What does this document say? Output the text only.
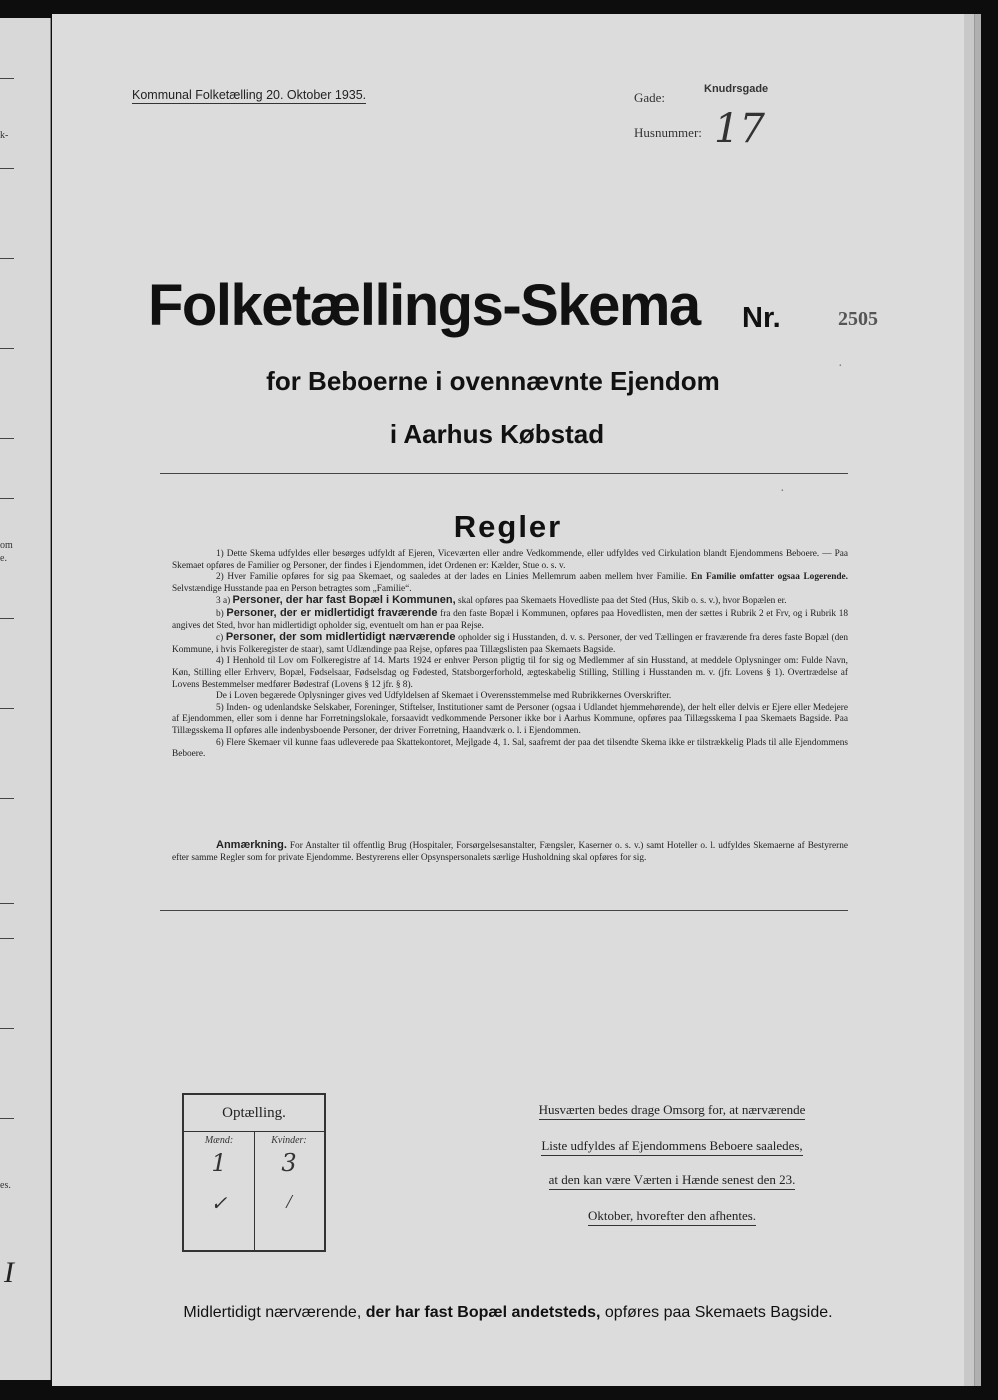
k-
om
e.
es.
I
Kommunal Folketælling 20. Oktober 1935.	Gade:
Knudrsgade
Husnummer: 17
Folketællings-Skema Nr.	2505
for Beboerne i ovennævnte Ejendom
i Aarhus Købstad
Regler

1) Dette Skema udfyldes eller besørges udfyldt af Ejeren, Viceværten eller andre Vedkommende, eller udfyldes ved Cirkulation blandt Ejendommens Beboere. — Paa Skemaet opføres de Familier og Personer, der findes i Ejendommen, idet Ordenen er: Kælder, Stue o. s. v.

2) Hver Familie opføres for sig paa Skemaet, og saaledes at der lades en Linies Mellemrum aaben mellem hver Familie. En Familie omfatter ogsaa Logerende. Selvstændige Husstande paa en Person betragtes som „Familie“.

3 a) Personer, der har fast Bopæl i Kommunen, skal opføres paa Skemaets Hovedliste paa det Sted (Hus, Skib o. s. v.), hvor Bopælen er.

b) Personer, der er midlertidigt fraværende fra den faste Bopæl i Kommunen, opføres paa Hovedlisten, men der sættes i Rubrik 2 et Frv, og i Rubrik 18 angives det Sted, hvor han midlertidigt opholder sig, eventuelt om han er paa Rejse.

c) Personer, der som midlertidigt nærværende opholder sig i Husstanden, d. v. s. Personer, der ved Tællingen er fraværende fra deres faste Bopæl (den Kommune, i hvis Folkeregister de staar), samt Udlændinge paa Rejse, opføres paa Tillægslisten paa Skemaets Bagside.

4) I Henhold til Lov om Folkeregistre af 14. Marts 1924 er enhver Person pligtig til for sig og Medlemmer af sin Husstand, at meddele Oplysninger om: Fulde Navn, Køn, Stilling eller Erhverv, Bopæl, Fødselsaar, Fødselsdag og Fødested, Statsborgerforhold, ægteskabelig Stilling, Stilling i Husstanden m. v. (jfr. Lovens § 1). Overtrædelse af Lovens Bestemmelser medfører Bødestraf (Lovens § 12 jfr. § 8).

De i Loven begærede Oplysninger gives ved Udfyldelsen af Skemaet i Overensstemmelse med Rubrikkernes Overskrifter.

5) Inden- og udenlandske Selskaber, Foreninger, Stiftelser, Institutioner samt de Personer (ogsaa i Udlandet hjemmehørende), der helt eller delvis er Ejere eller Medejere af Ejendommen, eller som i denne har Forretningslokale, forsaavidt vedkommende Personer ikke bor i Aarhus Kommune, opføres paa Tillægsskema I paa Skemaets Bagside. Paa Tillægsskema II opføres alle indenbysboende Personer, der driver Forretning, Haandværk o. l. i Ejendommen.

6) Flere Skemaer vil kunne faas udleverede paa Skattekontoret, Mejlgade 4, 1. Sal, saafremt der paa det tilsendte Skema ikke er tilstrækkelig Plads til alle Ejendommens Beboere.

Anmærkning. For Anstalter til offentlig Brug (Hospitaler, Forsørgelsesanstalter, Fængsler, Kaserner o. s. v.) samt Hoteller o. l. udfyldes Skemaerne af Bestyrerne efter samme Regler som for private Ejendomme. Bestyrerens eller Opsynspersonalets særlige Husholdning skal opføres for sig.

Optælling.
Mænd:
1
✓
Kvinder:
3
/
Husværten bedes drage Omsorg for, at nærværende
Liste udfyldes af Ejendommens Beboere saaledes,
at den kan være Værten i Hænde senest den 23.
Oktober, hvorefter den afhentes.
Midlertidigt nærværende, der har fast Bopæl andetsteds, opføres paa Skemaets Bagside.
·
·
